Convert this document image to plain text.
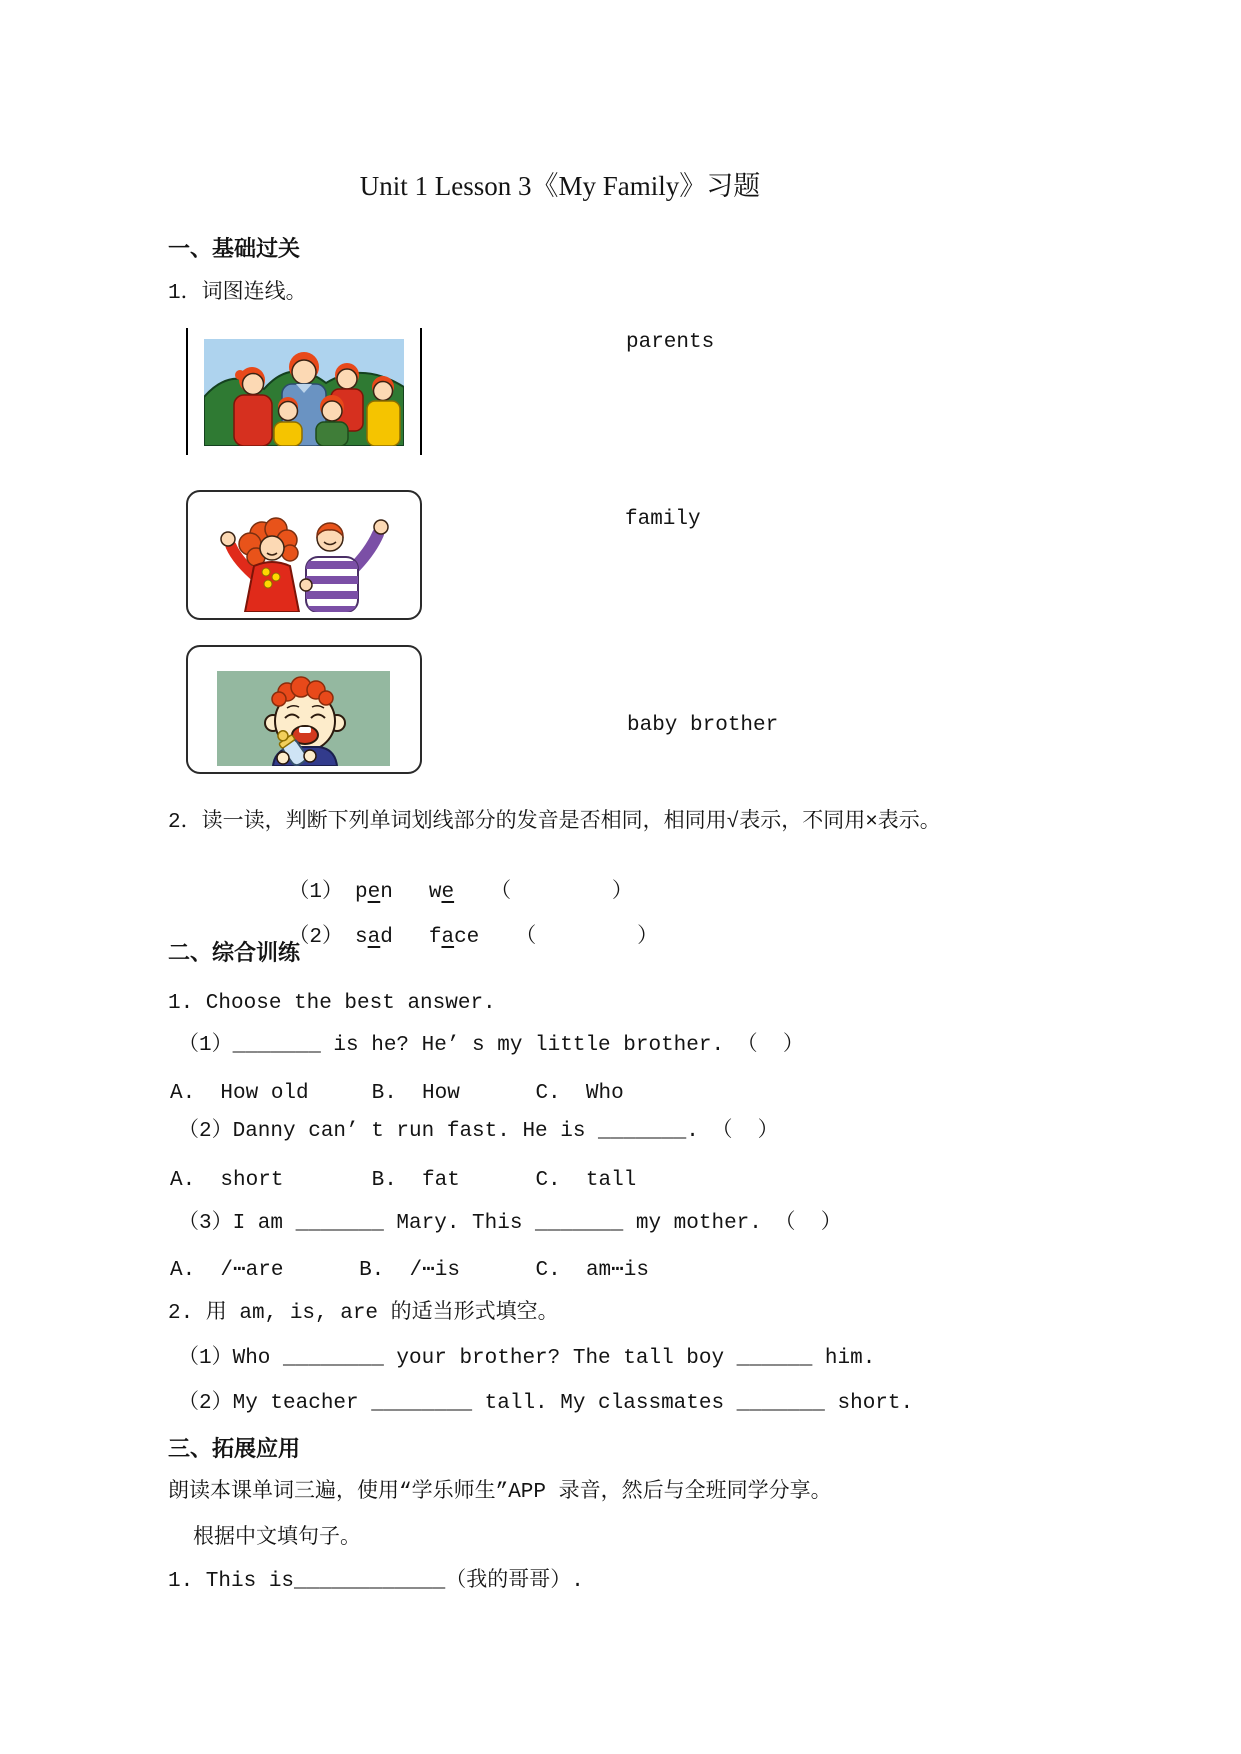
Unit 1 Lesson 3《My Family》习题
一、基础过关
1．词图连线。
parents
family
baby brother
2．读一读，判断下列单词划线部分的发音是否相同，相同用√表示，不同用×表示。

（1） pen we （        ）

（2） sad face （        ）

二、综合训练
1. Choose the best answer.
（1）_______ is he? He’ s my little brother. （  ）
A.  How old     B.  How      C.  Who
（2）Danny can’ t run fast. He is _______. （  ）
A.  short       B.  fat      C.  tall
（3）I am _______ Mary. This _______ my mother. （  ）
A.  /⋯are      B.  /⋯is      C.  am⋯is
2. 用 am, is, are 的适当形式填空。
（1）Who ________ your brother? The tall boy ______ him.
（2）My teacher ________ tall. My classmates _______ short.
三、拓展应用
朗读本课单词三遍，使用“学乐师生”APP 录音，然后与全班同学分享。
根据中文填句子。
1. This is____________（我的哥哥）.
